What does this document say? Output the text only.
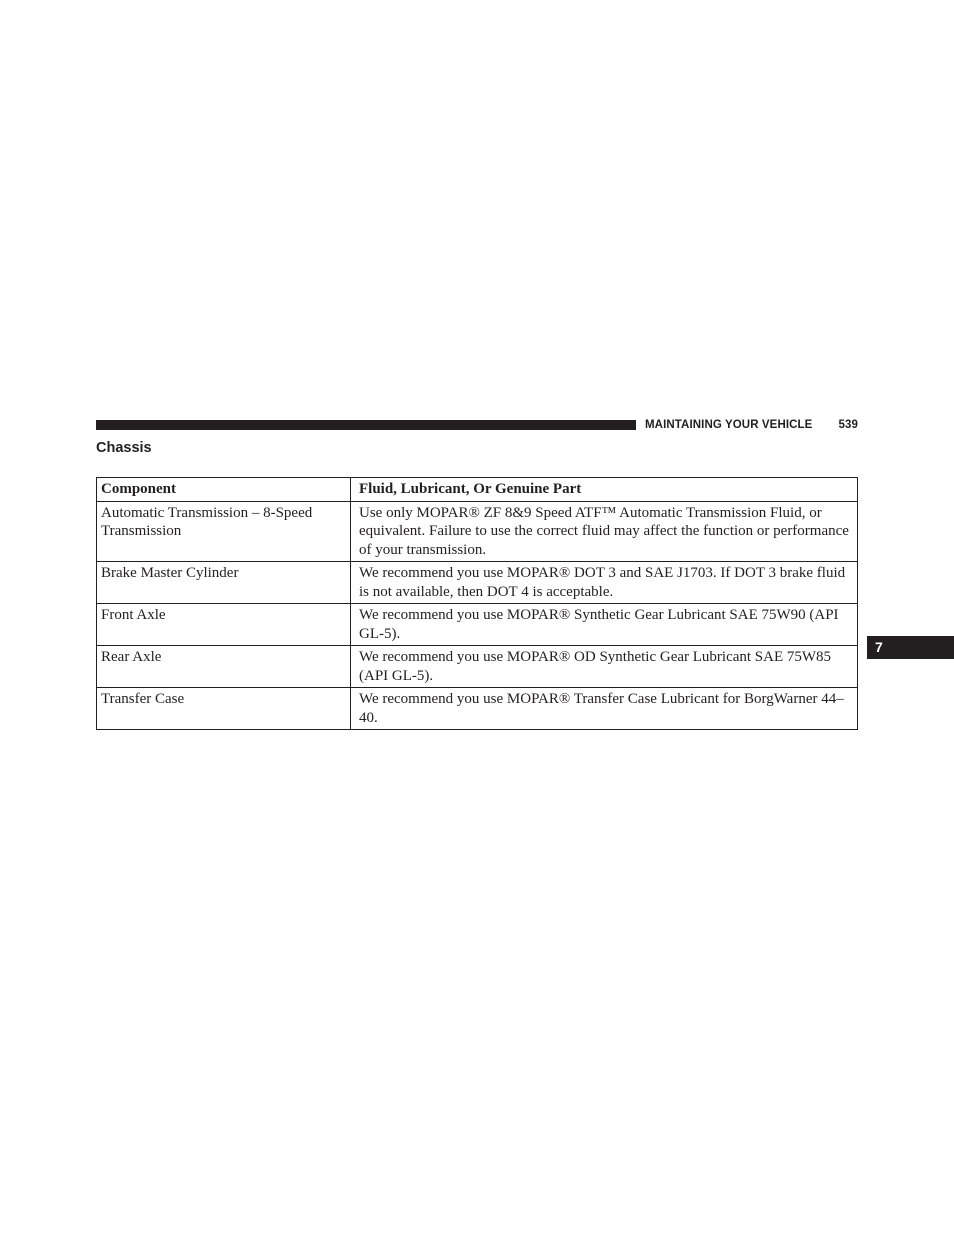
MAINTAINING YOUR VEHICLE 539
Chassis
Component	Fluid, Lubricant, Or Genuine Part
Automatic Transmission – 8-Speed Transmission	Use only MOPAR® ZF 8&9 Speed ATF™ Automatic Transmission Fluid, or equivalent. Failure to use the correct fluid may affect the function or performance of your transmission.
Brake Master Cylinder	We recommend you use MOPAR® DOT 3 and SAE J1703. If DOT 3 brake fluid is not available, then DOT 4 is acceptable.
Front Axle	We recommend you use MOPAR® Synthetic Gear Lubricant SAE 75W90 (API GL-5).
Rear Axle	We recommend you use MOPAR® OD Synthetic Gear Lubricant SAE 75W85 (API GL-5).
Transfer Case	We recommend you use MOPAR® Transfer Case Lubricant for BorgWarner 44–40.
7
